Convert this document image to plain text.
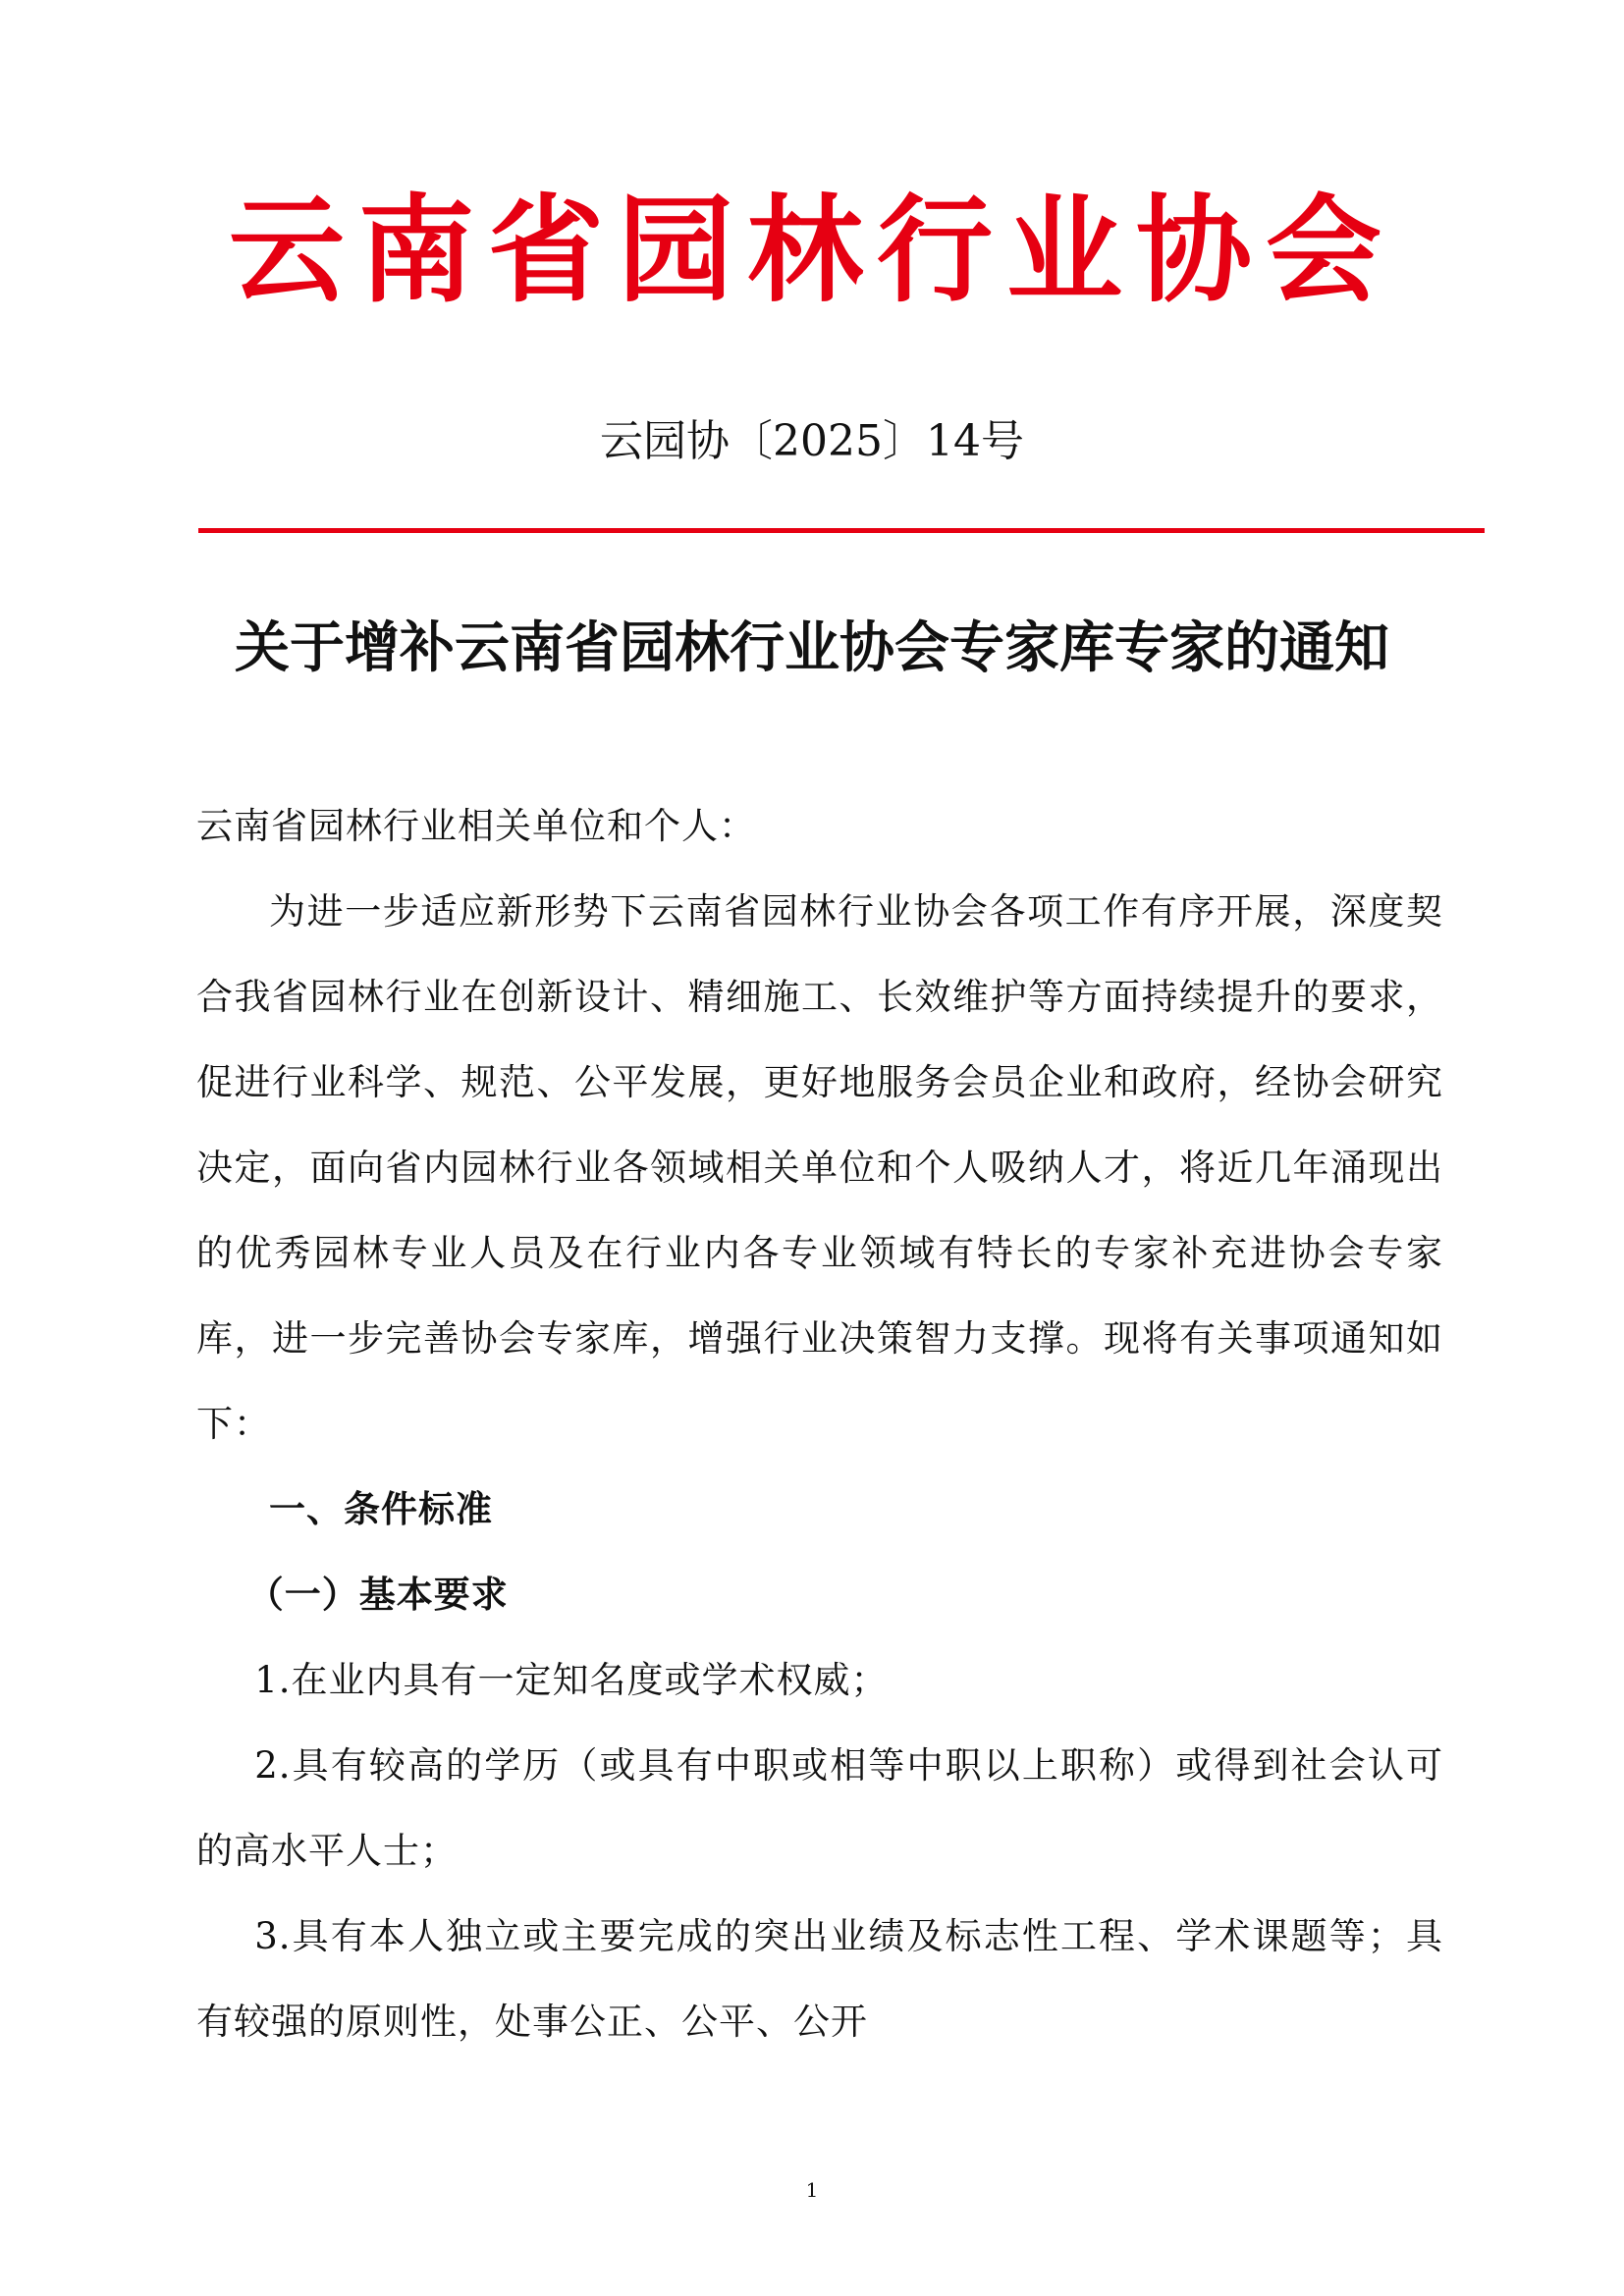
云南省园林行业协会
云园协〔2025〕14号
关于增补云南省园林行业协会专家库专家的通知

云南省园林行业相关单位和个人：

为进一步适应新形势下云南省园林行业协会各项工作有序开展，深度契合我省园林行业在创新设计、精细施工、长效维护等方面持续提升的要求，促进行业科学、规范、公平发展，更好地服务会员企业和政府，经协会研究决定，面向省内园林行业各领域相关单位和个人吸纳人才，将近几年涌现出的优秀园林专业人员及在行业内各专业领域有特长的专家补充进协会专家库，进一步完善协会专家库，增强行业决策智力支撑。现将有关事项通知如下：

一、条件标准

（一）基本要求

1.在业内具有一定知名度或学术权威；

2.具有较高的学历（或具有中职或相等中职以上职称）或得到社会认可的高水平人士；

3.具有本人独立或主要完成的突出业绩及标志性工程、学术课题等；具有较强的原则性，处事公正、公平、公开

1
